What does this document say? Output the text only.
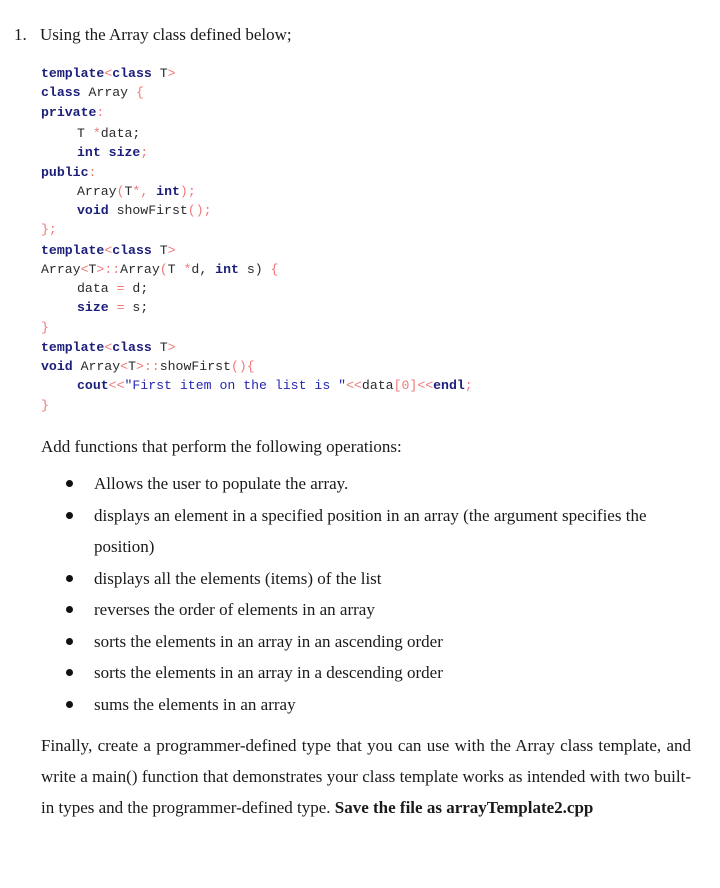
1. Using the Array class defined below;
template<class T>
class Array {
private:
T *data;
int size;
public:
Array(T*, int);
void showFirst();
};
template<class T>
Array<T>::Array(T *d, int s) {
data = d;
size = s;
}
template<class T>
void Array<T>::showFirst(){
cout<<"First item on the list is "<<data[0]<<endl;
}
Add functions that perform the following operations:
Allows the user to populate the array.
displays an element in a specified position in an array (the argument specifies the position)
displays all the elements (items) of the list
reverses the order of elements in an array
sorts the elements in an array in an ascending order
sorts the elements in an array in a descending order
sums the elements in an array
Finally, create a programmer-defined type that you can use with the Array class template, and write a main() function that demonstrates your class template works as intended with two built-in types and the programmer-defined type. Save the file as arrayTemplate2.cpp
